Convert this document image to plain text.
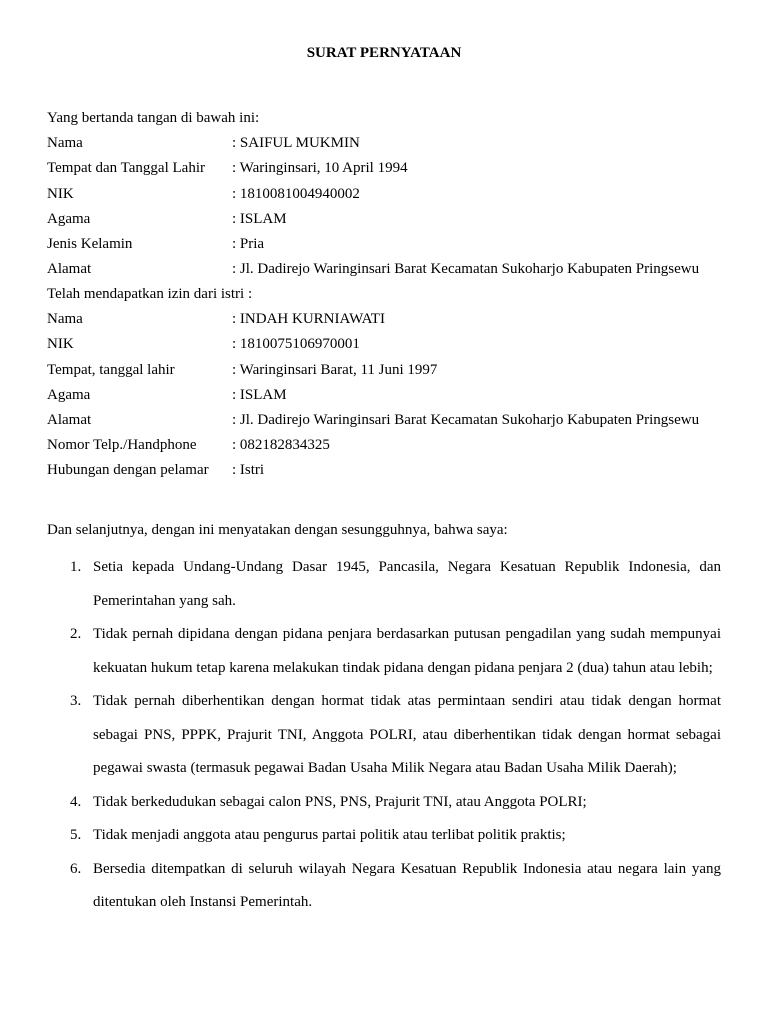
SURAT PERNYATAAN
Yang bertanda tangan di bawah ini:
Nama	: SAIFUL MUKMIN
Tempat dan Tanggal Lahir : Waringinsari, 10 April 1994
NIK	: 1810081004940002
Agama	: ISLAM
Jenis Kelamin	: Pria
Alamat	: Jl. Dadirejo Waringinsari Barat Kecamatan Sukoharjo Kabupaten Pringsewu
Telah mendapatkan izin dari istri :
Nama	: INDAH KURNIAWATI
NIK	: 1810075106970001
Tempat, tanggal lahir	: Waringinsari Barat, 11 Juni 1997
Agama	: ISLAM
Alamat	: Jl. Dadirejo Waringinsari Barat Kecamatan Sukoharjo Kabupaten Pringsewu
Nomor Telp./Handphone : 082182834325
Hubungan dengan pelamar : Istri
Dan selanjutnya, dengan ini menyatakan dengan sesungguhnya, bahwa saya:
1. Setia kepada Undang-Undang Dasar 1945, Pancasila, Negara Kesatuan Republik Indonesia, dan Pemerintahan yang sah.
2. Tidak pernah dipidana dengan pidana penjara berdasarkan putusan pengadilan yang sudah mempunyai kekuatan hukum tetap karena melakukan tindak pidana dengan pidana penjara 2 (dua) tahun atau lebih;
3. Tidak pernah diberhentikan dengan hormat tidak atas permintaan sendiri atau tidak dengan hormat sebagai PNS, PPPK, Prajurit TNI, Anggota POLRI, atau diberhentikan tidak dengan hormat sebagai pegawai swasta (termasuk pegawai Badan Usaha Milik Negara atau Badan Usaha Milik Daerah);
4. Tidak berkedudukan sebagai calon PNS, PNS, Prajurit TNI, atau Anggota POLRI;
5. Tidak menjadi anggota atau pengurus partai politik atau terlibat politik praktis;
6. Bersedia ditempatkan di seluruh wilayah Negara Kesatuan Republik Indonesia atau negara lain yang ditentukan oleh Instansi Pemerintah.
